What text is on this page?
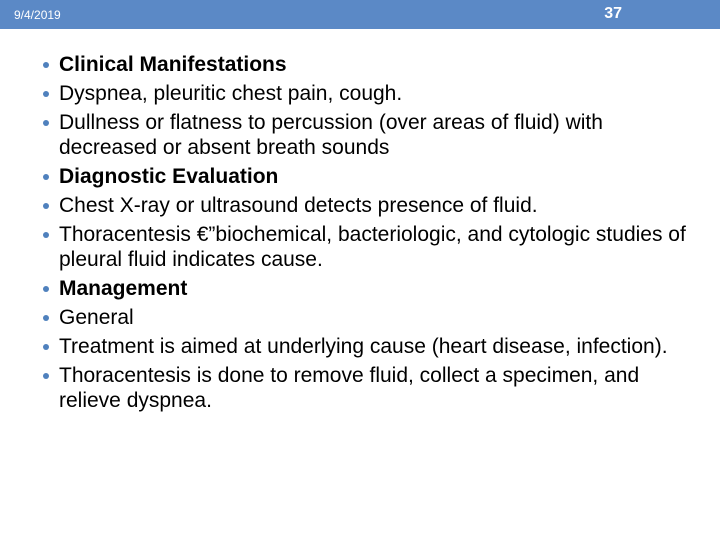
9/4/2019	37
Clinical Manifestations
Dyspnea, pleuritic chest pain, cough.
Dullness or flatness to percussion (over areas of fluid) with decreased or absent breath sounds
Diagnostic Evaluation
Chest X-ray or ultrasound detects presence of fluid.
Thoracentesis €”biochemical, bacteriologic, and cytologic studies of pleural fluid indicates cause.
Management
General
Treatment is aimed at underlying cause (heart disease, infection).
Thoracentesis is done to remove fluid, collect a specimen, and relieve dyspnea.
